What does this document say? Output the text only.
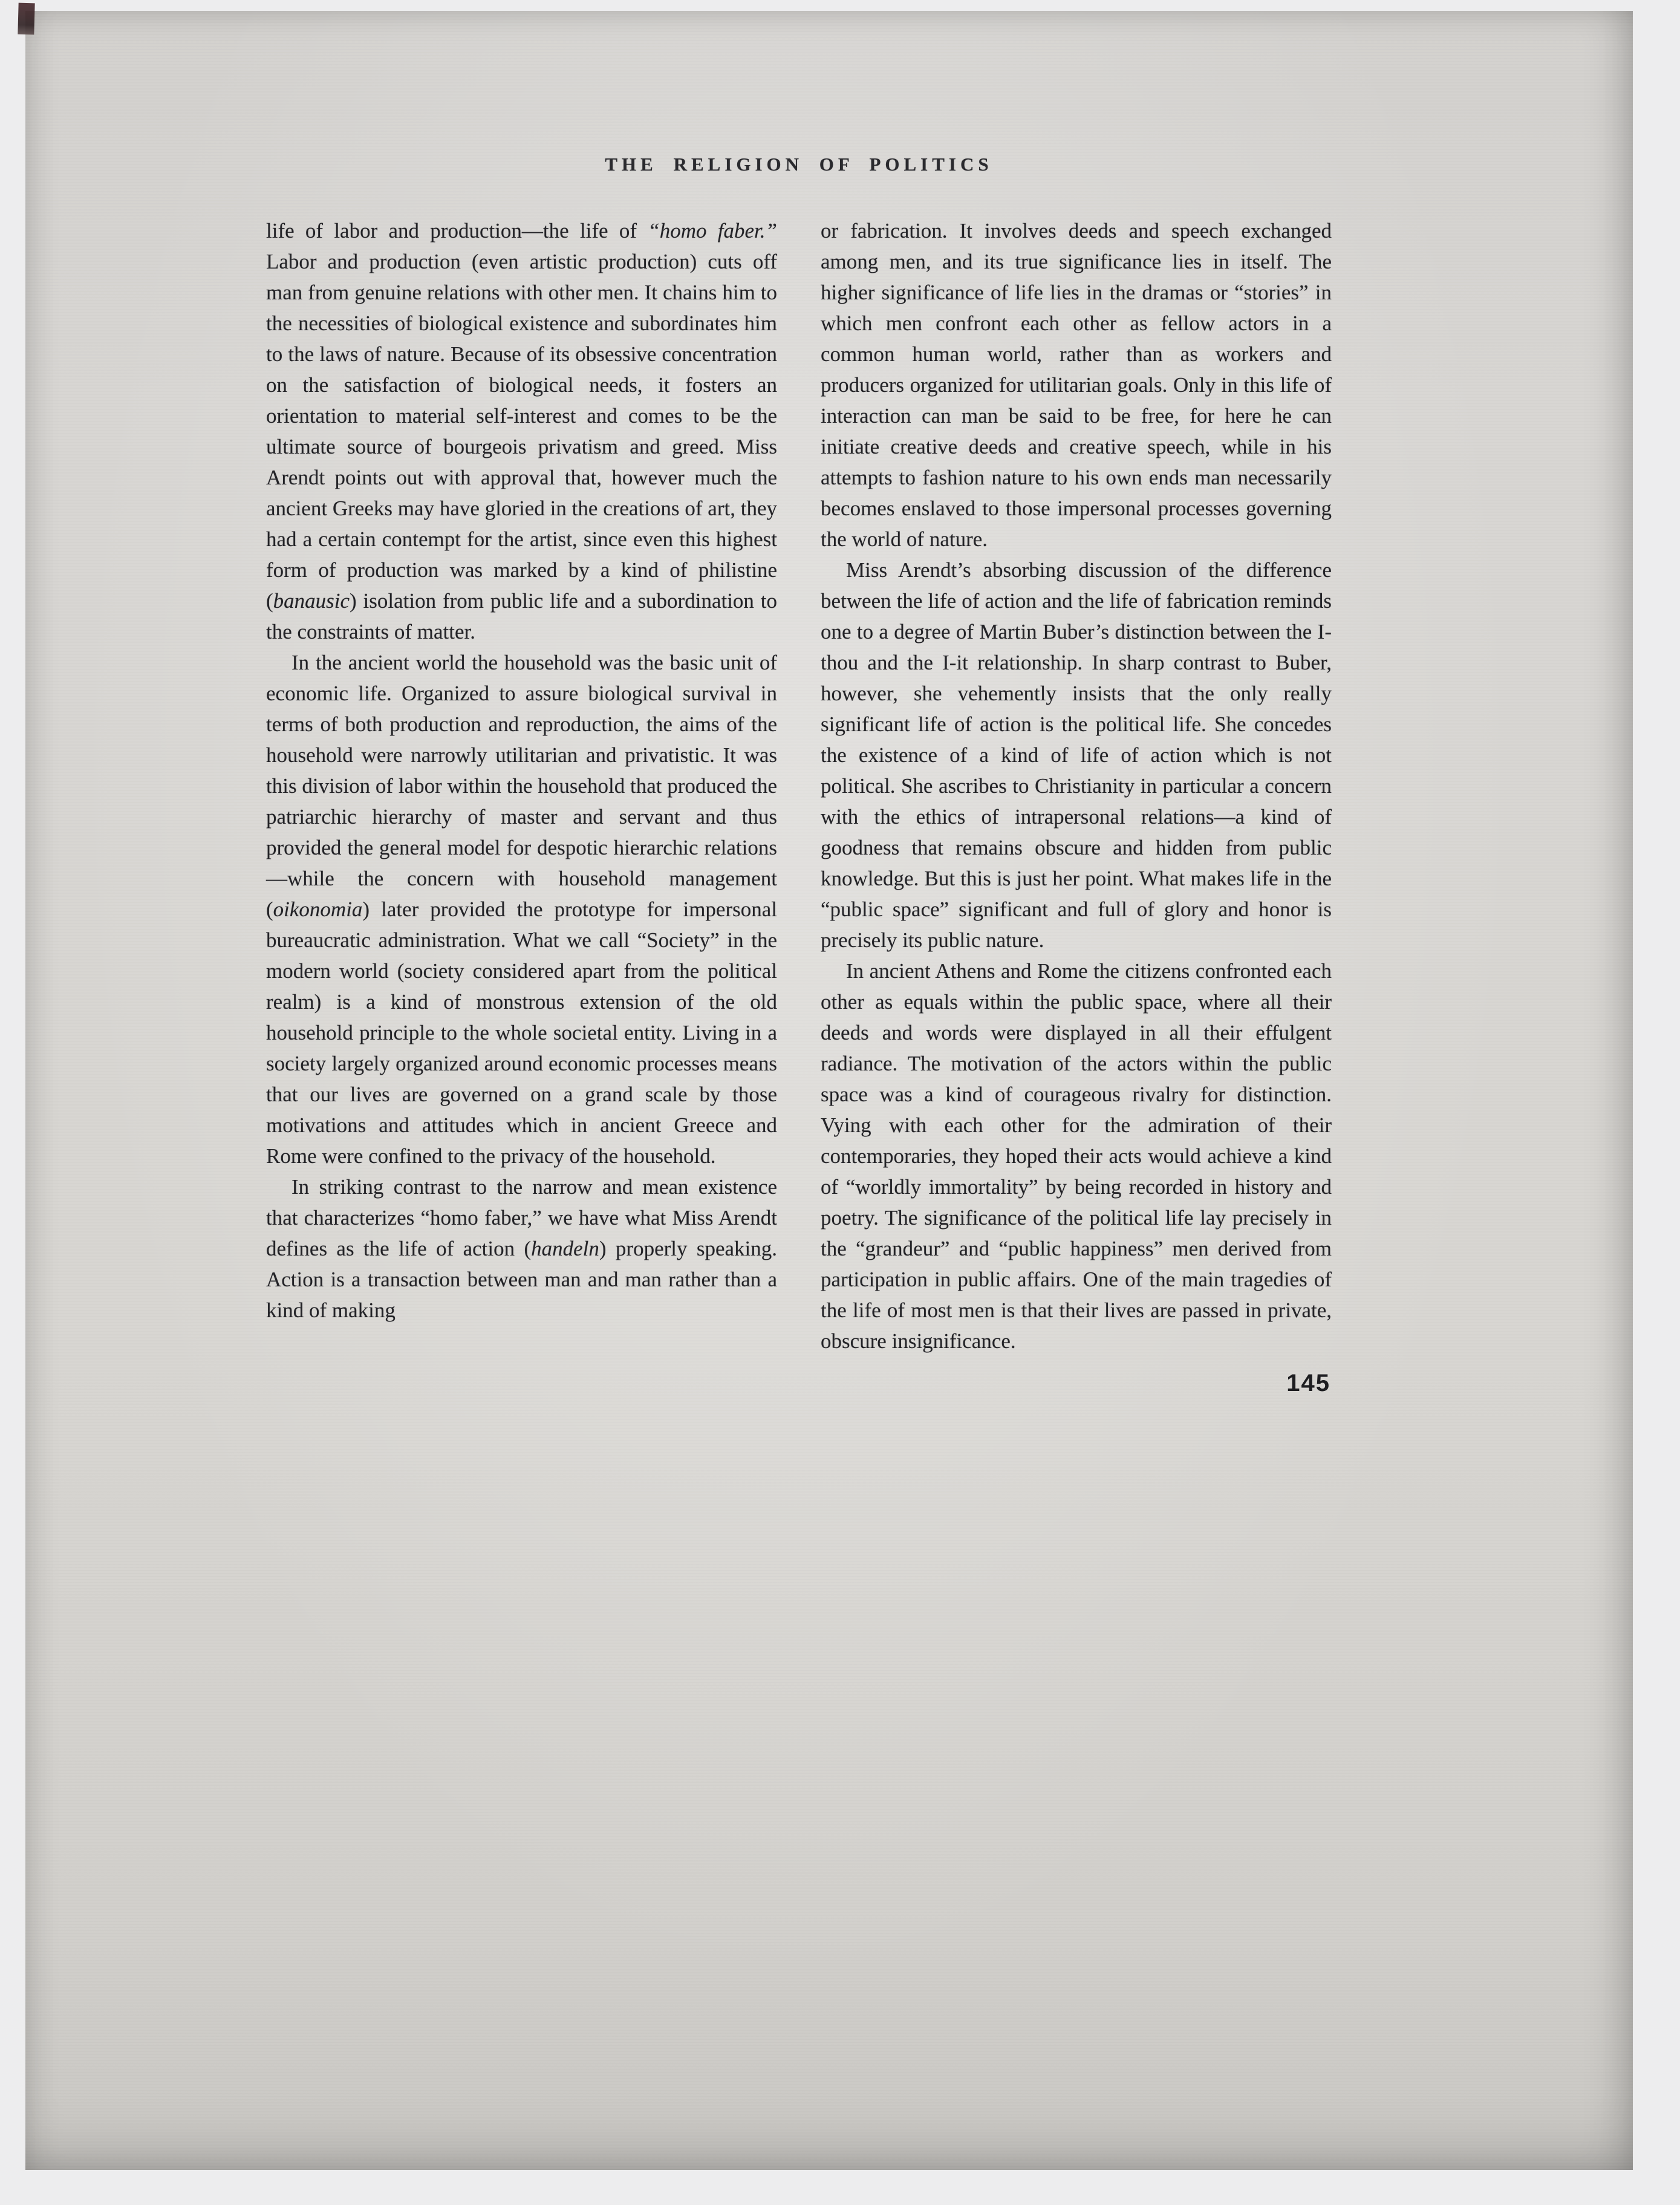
THE RELIGION OF POLITICS

life of labor and production—the life of “homo faber.” Labor and production (even artistic production) cuts off man from genuine relations with other men. It chains him to the necessities of biological existence and subordinates him to the laws of nature. Because of its obsessive concentration on the satisfaction of biological needs, it fosters an orientation to material self-interest and comes to be the ultimate source of bourgeois privatism and greed. Miss Arendt points out with approval that, however much the ancient Greeks may have gloried in the creations of art, they had a certain contempt for the artist, since even this highest form of production was marked by a kind of philistine (banausic) isolation from public life and a subordination to the constraints of matter.

In the ancient world the household was the basic unit of economic life. Organized to assure biological survival in terms of both production and reproduction, the aims of the household were narrowly utilitarian and privatistic. It was this division of labor within the household that produced the patriarchic hierarchy of master and servant and thus provided the general model for despotic hierarchic relations—while the concern with household management (oikonomia) later provided the prototype for impersonal bureaucratic administration. What we call “Society” in the modern world (society considered apart from the political realm) is a kind of monstrous extension of the old household principle to the whole societal entity. Living in a society largely organized around economic processes means that our lives are governed on a grand scale by those motivations and attitudes which in ancient Greece and Rome were confined to the privacy of the household.

In striking contrast to the narrow and mean existence that characterizes “homo faber,” we have what Miss Arendt defines as the life of action (handeln) properly speaking. Action is a transaction between man and man rather than a kind of making

or fabrication. It involves deeds and speech exchanged among men, and its true significance lies in itself. The higher significance of life lies in the dramas or “stories” in which men confront each other as fellow actors in a common human world, rather than as workers and producers organized for utilitarian goals. Only in this life of interaction can man be said to be free, for here he can initiate creative deeds and creative speech, while in his attempts to fashion nature to his own ends man necessarily becomes enslaved to those impersonal processes governing the world of nature.

Miss Arendt’s absorbing discussion of the difference between the life of action and the life of fabrication reminds one to a degree of Martin Buber’s distinction between the I-thou and the I-it relationship. In sharp contrast to Buber, however, she vehemently insists that the only really significant life of action is the political life. She concedes the existence of a kind of life of action which is not political. She ascribes to Christianity in particular a concern with the ethics of intrapersonal relations—a kind of goodness that remains obscure and hidden from public knowledge. But this is just her point. What makes life in the “public space” significant and full of glory and honor is precisely its public nature.

In ancient Athens and Rome the citizens confronted each other as equals within the public space, where all their deeds and words were displayed in all their effulgent radiance. The motivation of the actors within the public space was a kind of courageous rivalry for distinction. Vying with each other for the admiration of their contemporaries, they hoped their acts would achieve a kind of “worldly immortality” by being recorded in history and poetry. The significance of the political life lay precisely in the “grandeur” and “public happiness” men derived from participation in public affairs. One of the main tragedies of the life of most men is that their lives are passed in private, obscure insignificance.

145
